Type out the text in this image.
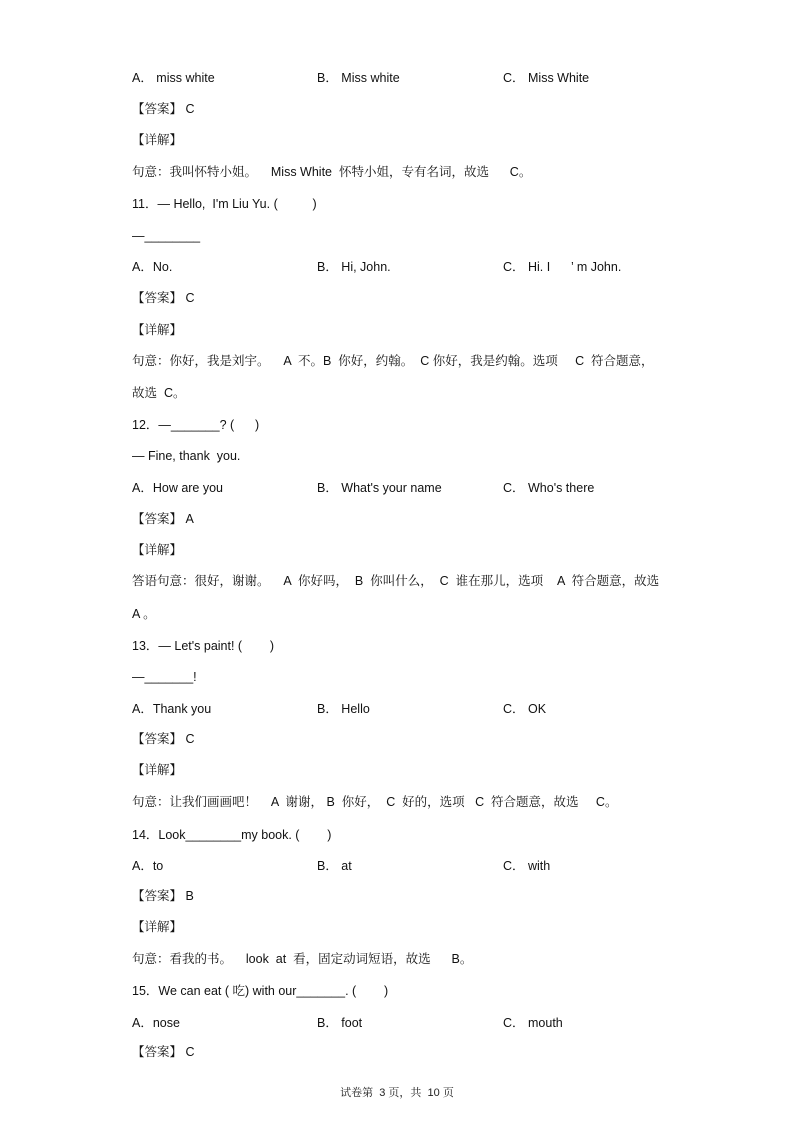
A． miss white	B． Miss white	C． Miss White
【答案】 C
【详解】
句意：我叫怀特小姐。    Miss White  怀特小姐，专有名词，故选      C。
11．— Hello,  I'm Liu Yu. (          )
—________
A．No.	B． Hi, John.	C． Hi. I      ’ m John.
【答案】 C
【详解】
句意：你好，我是刘宇。    A  不。B  你好，约翰。  C 你好，我是约翰。选项     C  符合题意，
故选  C。
12．—_______? (      )
— Fine, thank  you.
A．How are you	B． What's your name	C． Who's there
【答案】 A
【详解】
答语句意：很好，谢谢。    A  你好吗，  B  你叫什么，  C  谁在那儿，选项    A  符合题意，故选
A 。
13．— Let's paint! (        )
—_______!
A．Thank you	B． Hello	C． OK
【答案】 C
【详解】
句意：让我们画画吧！    A  谢谢， B  你好，  C  好的，选项   C  符合题意，故选     C。
14．Look________my book. (        )
A．to	B． at	C． with
【答案】 B
【详解】
句意：看我的书。    look  at  看，固定动词短语，故选      B。
15．We can eat ( 吃) with our_______. (        )
A．nose	B． foot	C． mouth
【答案】 C
试卷第  3 页，共  10 页
